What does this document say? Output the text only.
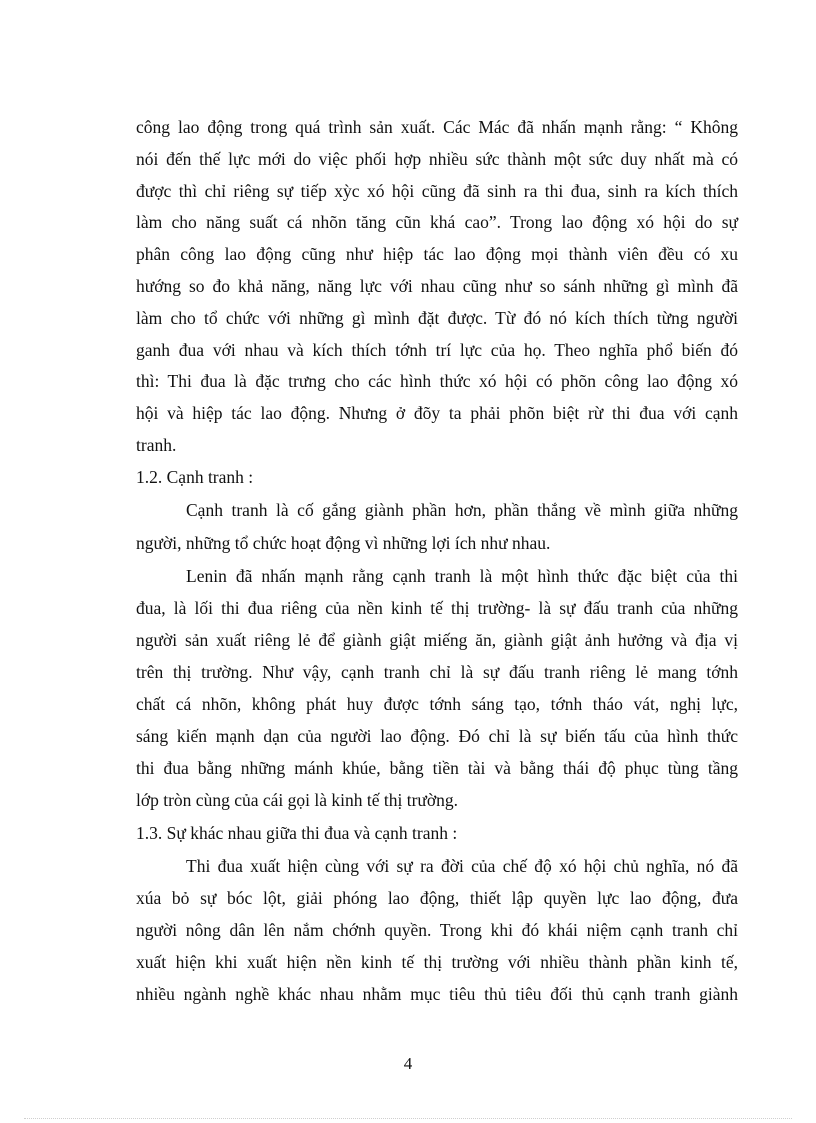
công lao động trong quá trình sản xuất. Các Mác đã nhấn mạnh rằng: “ Không
nói đến thế lực mới do việc phối hợp nhiều sức thành một sức duy nhất mà có
được thì chỉ riêng sự tiếp xỳc xó hội cũng đã sinh ra thi đua, sinh ra kích thích
làm cho năng suất cá nhõn tăng cũn khá cao”. Trong lao động xó hội do sự
phân công lao động cũng như hiệp tác lao động mọi thành viên đều có xu
hướng so đo khả năng, năng lực với nhau cũng như so sánh những gì mình đã
làm cho tổ chức với những gì mình đặt được. Từ đó nó kích thích từng người
ganh đua với nhau và kích thích tớnh trí lực của họ. Theo nghĩa phổ biến đó
thì: Thi đua là đặc trưng cho các hình thức xó hội có phõn công lao động xó
hội và hiệp tác lao động. Nhưng ở đõy ta phải phõn biệt rừ thi đua với cạnh
tranh.
1.2. Cạnh tranh :
Cạnh tranh là cố gắng giành phần hơn, phần thắng về mình giữa những
người, những tổ chức hoạt động vì những lợi ích như nhau.
Lenin đã nhấn mạnh rằng cạnh tranh là một hình thức đặc biệt của thi
đua, là lối thi đua riêng của nền kinh tế thị trường- là sự đấu tranh của những
người sản xuất riêng lẻ để giành giật miếng ăn, giành giật ảnh hưởng và địa vị
trên thị trường. Như vậy, cạnh tranh chỉ là sự đấu tranh riêng lẻ mang tớnh
chất cá nhõn, không phát huy được tớnh sáng tạo, tớnh tháo vát, nghị lực,
sáng kiến mạnh dạn của người lao động. Đó chỉ là sự biến tấu của hình thức
thi đua bằng những mánh khúe, bằng tiền tài và bằng thái độ phục tùng tầng
lớp tròn cùng của cái gọi là kinh tế thị trường.
1.3. Sự khác nhau giữa thi đua và cạnh tranh :
Thi đua xuất hiện cùng với sự ra đời của chế độ xó hội chủ nghĩa, nó đã
xúa bỏ sự bóc lột, giải phóng lao động, thiết lập quyền lực lao động, đưa
người nông dân lên nắm chớnh quyền. Trong khi đó khái niệm cạnh tranh chỉ
xuất hiện khi xuất hiện nền kinh tế thị trường với nhiều thành phần kinh tế,
nhiều ngành nghề khác nhau nhằm mục tiêu thủ tiêu đối thủ cạnh tranh giành
4
